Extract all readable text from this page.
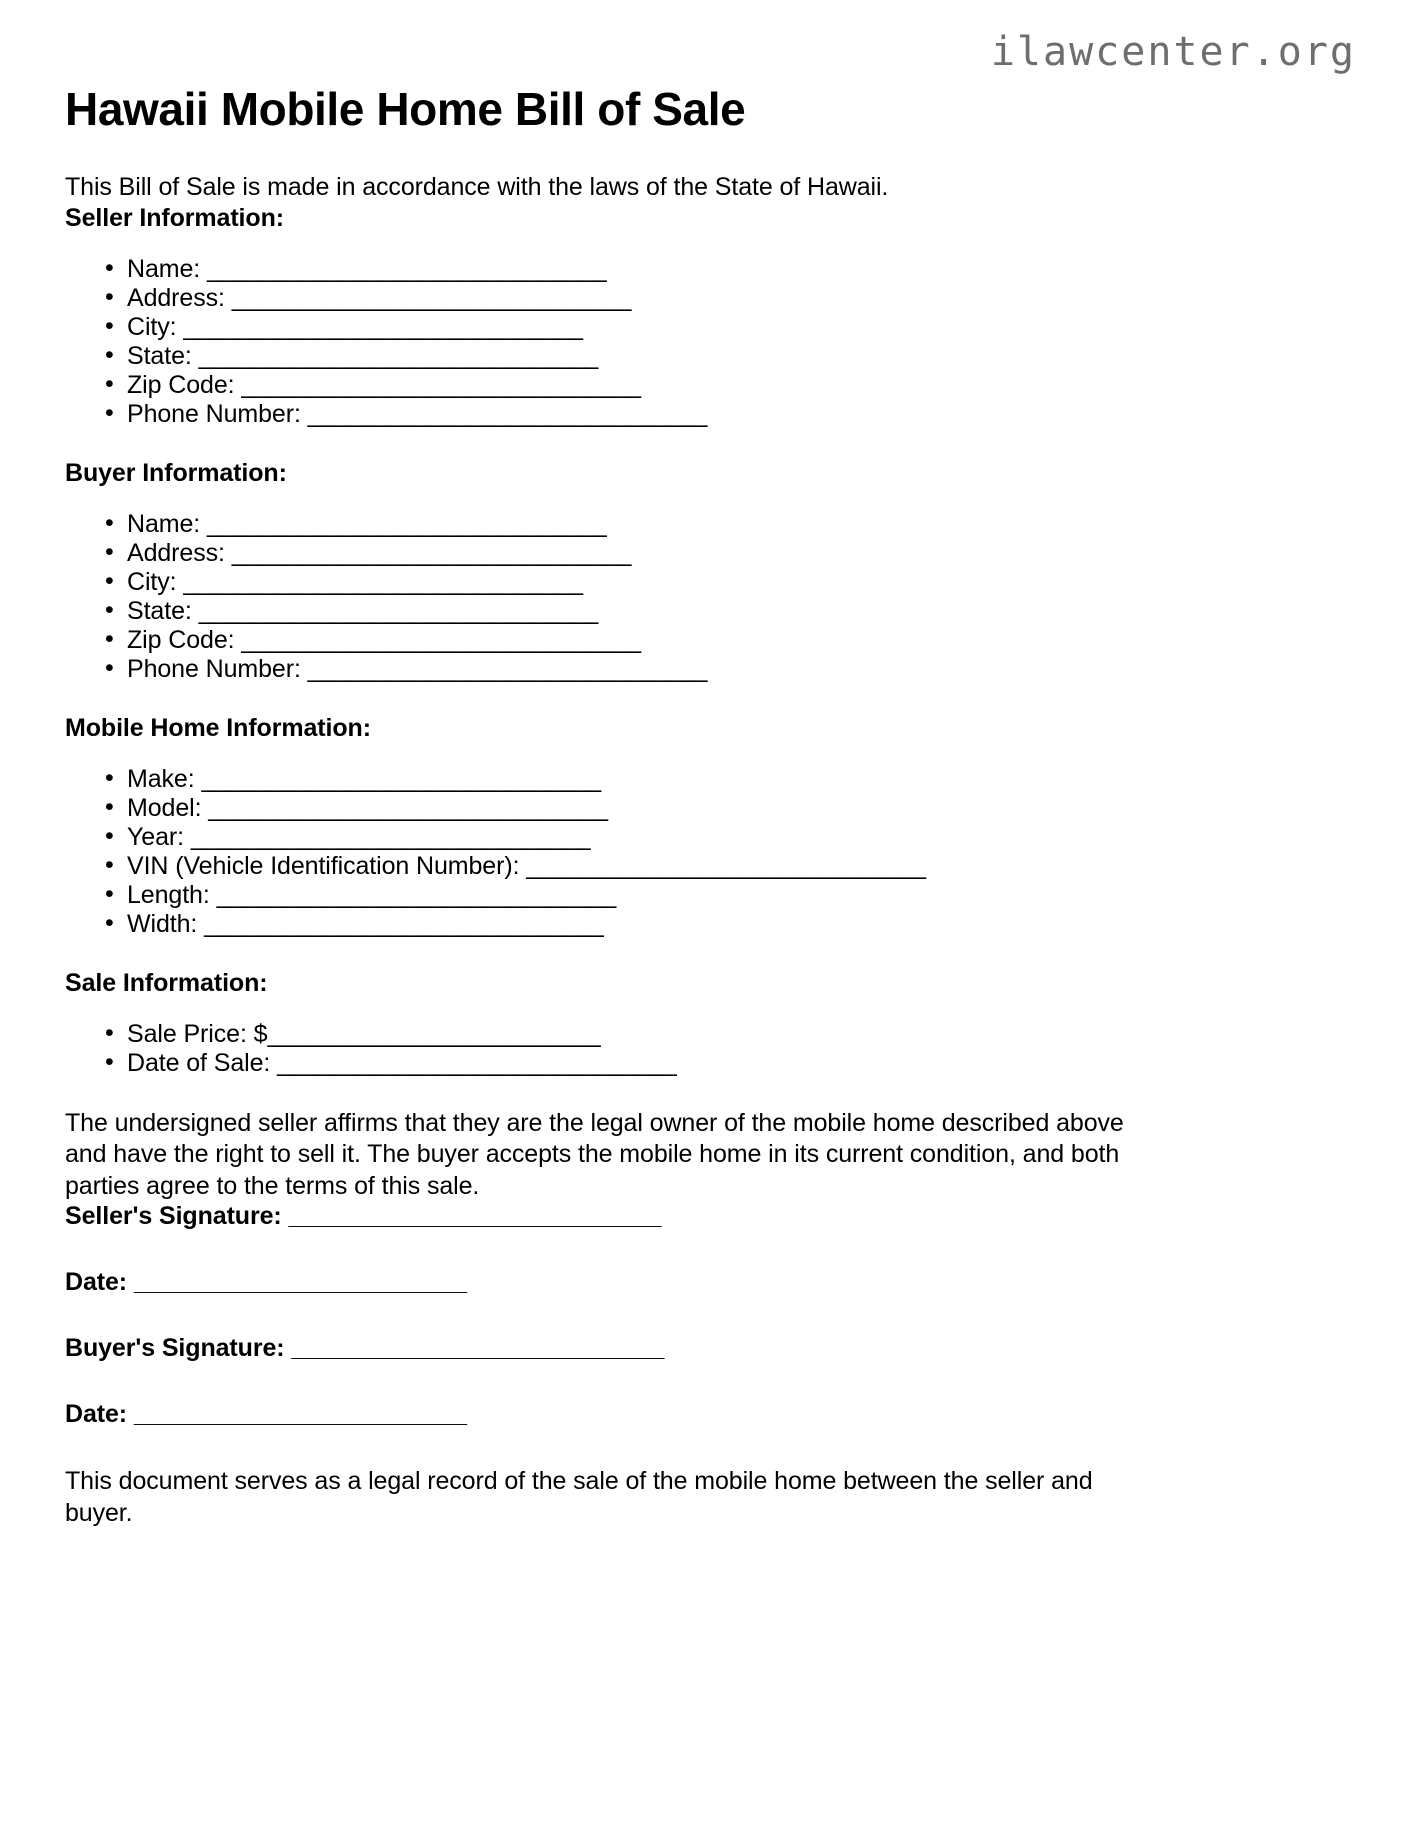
ilawcenter.org
Hawaii Mobile Home Bill of Sale

This Bill of Sale is made in accordance with the laws of the State of Hawaii.

Seller Information:
• Name: ______________________________
• Address: ______________________________
• City: ______________________________
• State: ______________________________
• Zip Code: ______________________________
• Phone Number: ______________________________
Buyer Information:
• Name: ______________________________
• Address: ______________________________
• City: ______________________________
• State: ______________________________
• Zip Code: ______________________________
• Phone Number: ______________________________
Mobile Home Information:
• Make: ______________________________
• Model: ______________________________
• Year: ______________________________
• VIN (Vehicle Identification Number): ______________________________
• Length: ______________________________
• Width: ______________________________
Sale Information:
• Sale Price: $_________________________
• Date of Sale: ______________________________

The undersigned seller affirms that they are the legal owner of the mobile home described above and have the right to sell it. The buyer accepts the mobile home in its current condition, and both parties agree to the terms of this sale.

Seller's Signature: ____________________________
Date: _________________________
Buyer's Signature: ____________________________
Date: _________________________

This document serves as a legal record of the sale of the mobile home between the seller and buyer.
